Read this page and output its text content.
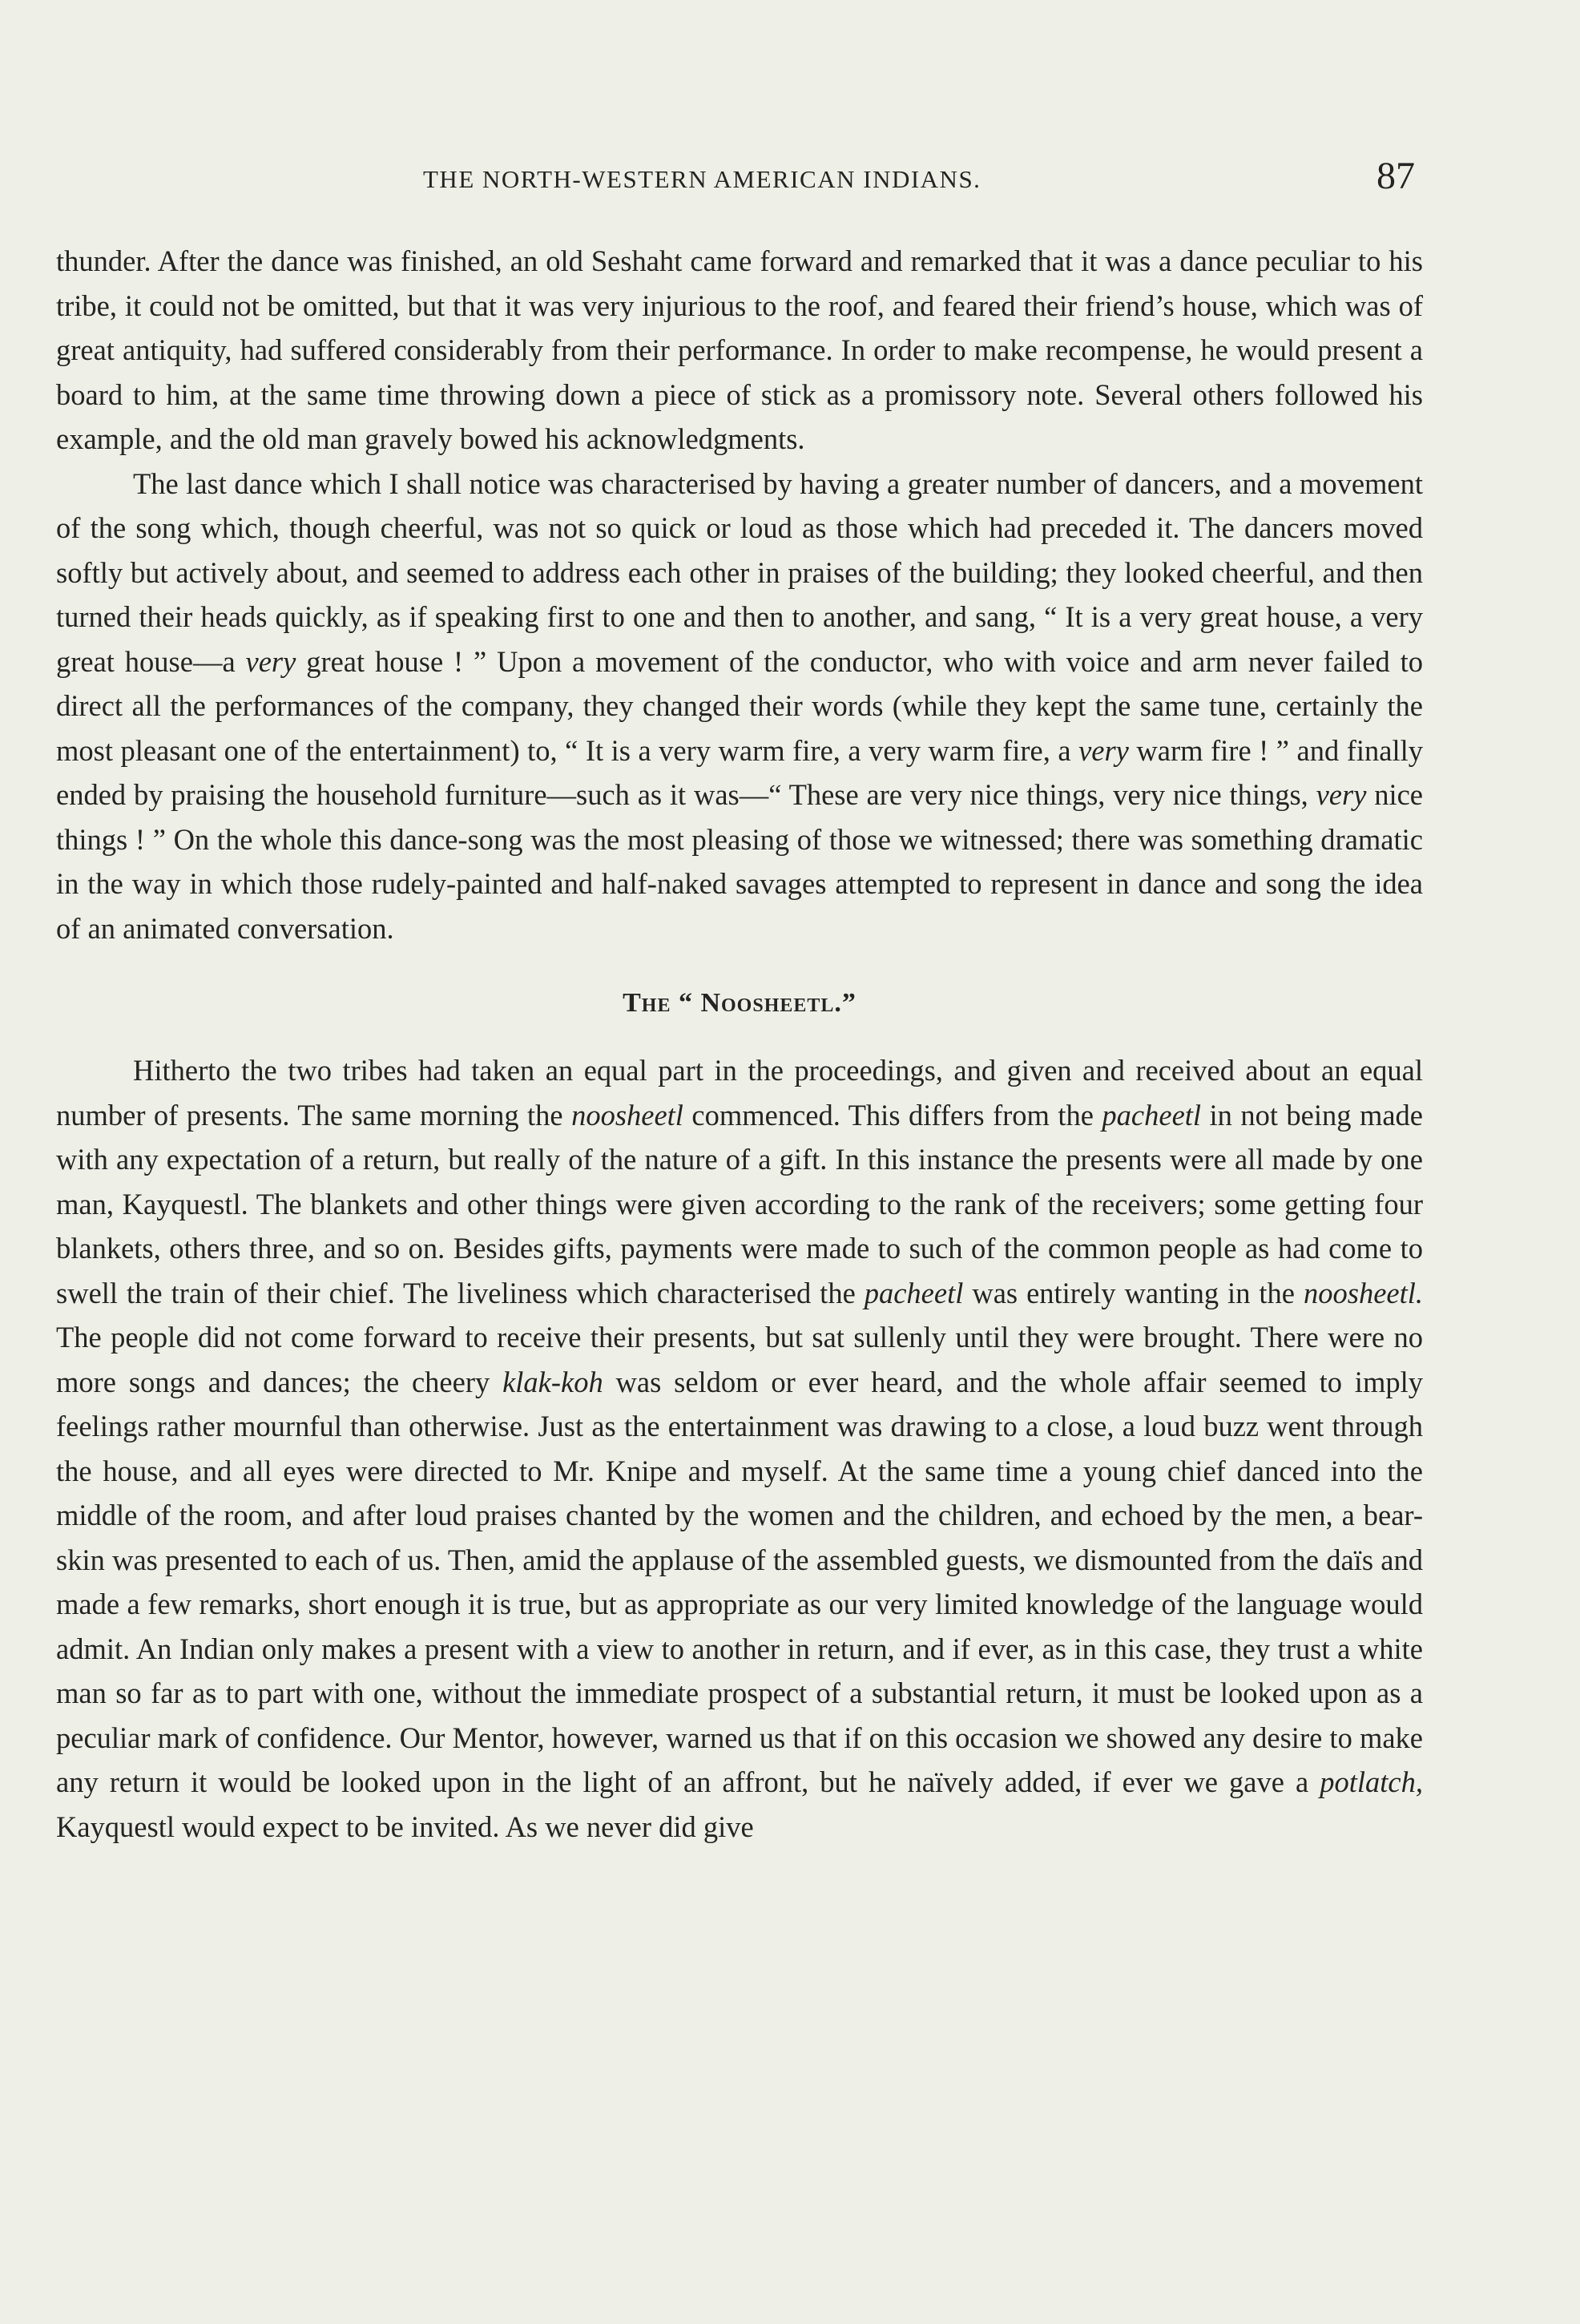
THE NORTH-WESTERN AMERICAN INDIANS.	87

thunder. After the dance was finished, an old Seshaht came forward and remarked that it was a dance peculiar to his tribe, it could not be omitted, but that it was very injurious to the roof, and feared their friend’s house, which was of great antiquity, had suffered considerably from their performance. In order to make recompense, he would present a board to him, at the same time throwing down a piece of stick as a promissory note. Several others followed his example, and the old man gravely bowed his acknowledgments.

The last dance which I shall notice was characterised by having a greater number of dancers, and a movement of the song which, though cheerful, was not so quick or loud as those which had preceded it. The dancers moved softly but actively about, and seemed to address each other in praises of the building; they looked cheerful, and then turned their heads quickly, as if speaking first to one and then to another, and sang, “ It is a very great house, a very great house—a very great house ! ” Upon a movement of the conductor, who with voice and arm never failed to direct all the performances of the company, they changed their words (while they kept the same tune, certainly the most pleasant one of the entertainment) to, “ It is a very warm fire, a very warm fire, a very warm fire ! ” and finally ended by praising the household furniture—such as it was—“ These are very nice things, very nice things, very nice things ! ” On the whole this dance-song was the most pleasing of those we witnessed; there was something dramatic in the way in which those rudely-painted and half-naked savages attempted to represent in dance and song the idea of an animated conversation.

The “ Noosheetl.”

Hitherto the two tribes had taken an equal part in the proceedings, and given and received about an equal number of presents. The same morning the noosheetl commenced. This differs from the pacheetl in not being made with any expectation of a return, but really of the nature of a gift. In this instance the presents were all made by one man, Kayquestl. The blankets and other things were given according to the rank of the receivers; some getting four blankets, others three, and so on. Besides gifts, payments were made to such of the common people as had come to swell the train of their chief. The liveliness which characterised the pacheetl was entirely wanting in the noosheetl. The people did not come forward to receive their presents, but sat sullenly until they were brought. There were no more songs and dances; the cheery klak-koh was seldom or ever heard, and the whole affair seemed to imply feelings rather mournful than otherwise. Just as the entertainment was drawing to a close, a loud buzz went through the house, and all eyes were directed to Mr. Knipe and myself. At the same time a young chief danced into the middle of the room, and after loud praises chanted by the women and the children, and echoed by the men, a bear-skin was presented to each of us. Then, amid the applause of the assembled guests, we dismounted from the daïs and made a few remarks, short enough it is true, but as appropriate as our very limited knowledge of the language would admit. An Indian only makes a present with a view to another in return, and if ever, as in this case, they trust a white man so far as to part with one, without the immediate prospect of a substantial return, it must be looked upon as a peculiar mark of confidence. Our Mentor, however, warned us that if on this occasion we showed any desire to make any return it would be looked upon in the light of an affront, but he naïvely added, if ever we gave a potlatch, Kayquestl would expect to be invited. As we never did give
